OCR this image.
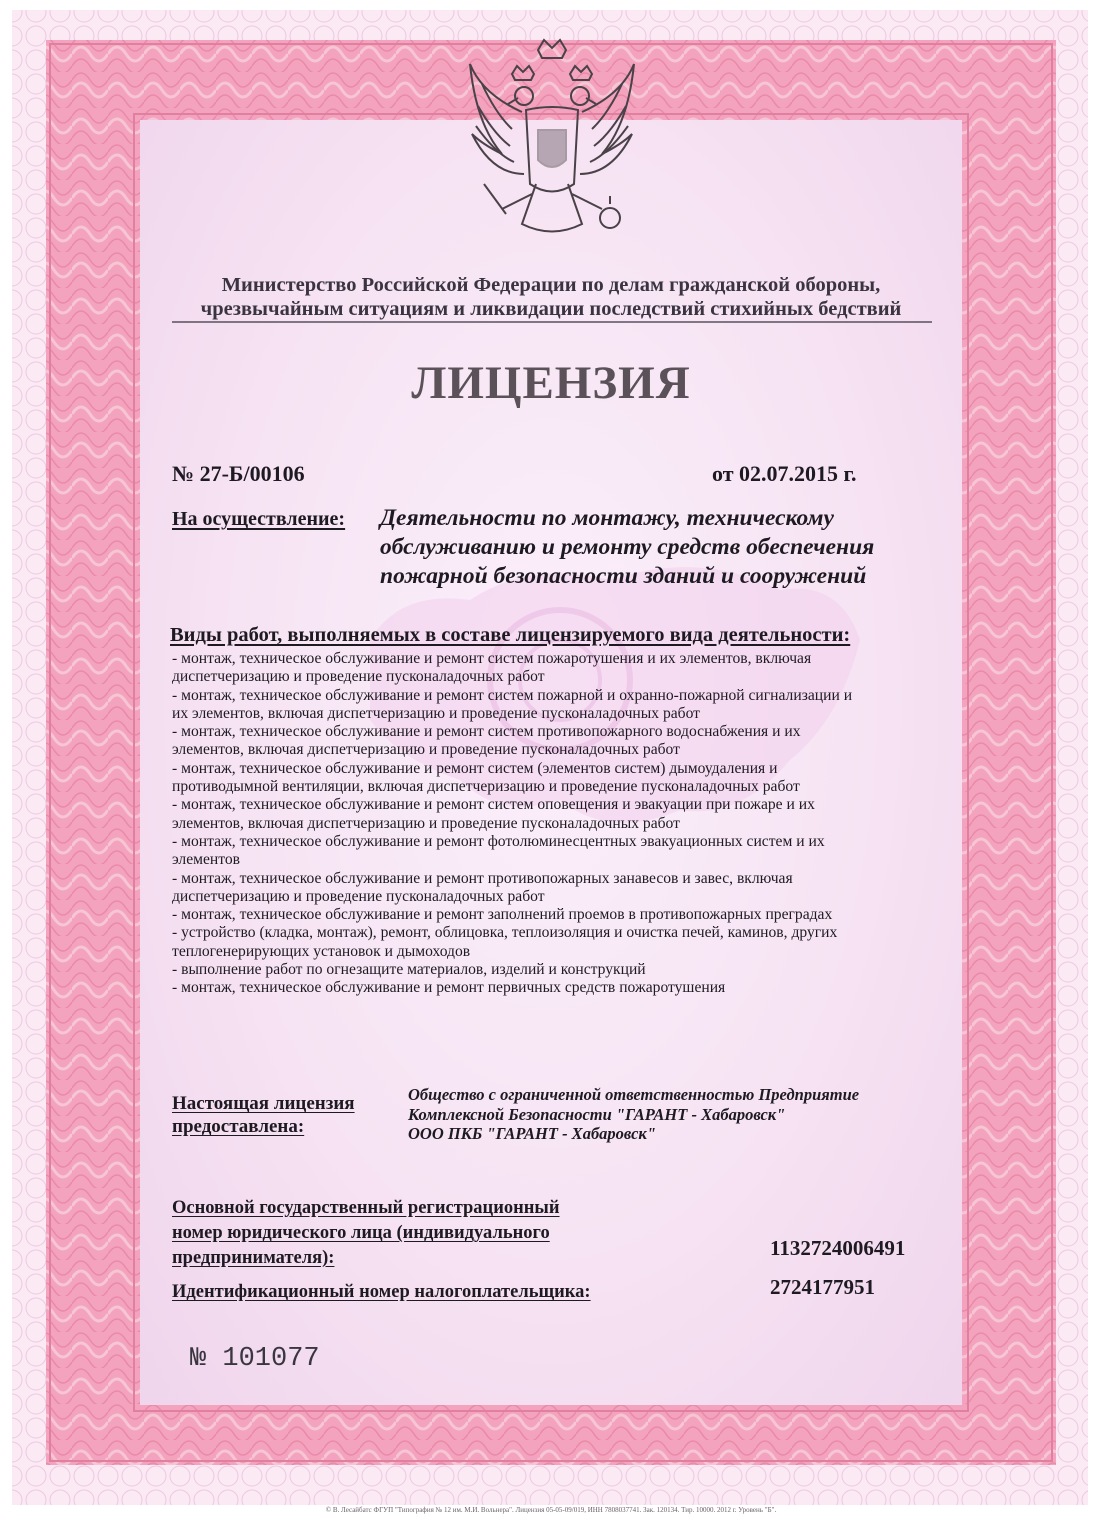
Министерство Российской Федерации по делам гражданской обороны,

чрезвычайным ситуациям и ликвидации последствий стихийных бедствий

ЛИЦЕНЗИЯ

№ 27-Б/00106	от 02.07.2015 г.

На осуществление: Деятельности по монтажу, техническому
обслуживанию и ремонту средств обеспечения
пожарной безопасности зданий и сооружений

Виды работ, выполняемых в составе лицензируемого вида деятельности:

- монтаж, техническое обслуживание и ремонт систем пожаротушения и их элементов, включая
диспетчеризацию и проведение пусконаладочных работ
- монтаж, техническое обслуживание и ремонт систем пожарной и охранно-пожарной сигнализации и
их элементов, включая диспетчеризацию и проведение пусконаладочных работ
- монтаж, техническое обслуживание и ремонт систем противопожарного водоснабжения и их
элементов, включая диспетчеризацию и проведение пусконаладочных работ
- монтаж, техническое обслуживание и ремонт систем (элементов систем) дымоудаления и
противодымной вентиляции, включая диспетчеризацию и проведение пусконаладочных работ
- монтаж, техническое обслуживание и ремонт систем оповещения и эвакуации при пожаре и их
элементов, включая диспетчеризацию и проведение пусконаладочных работ
- монтаж, техническое обслуживание и ремонт фотолюминесцентных эвакуационных систем и их
элементов
- монтаж, техническое обслуживание и ремонт противопожарных занавесов и завес, включая
диспетчеризацию и проведение пусконаладочных работ
- монтаж, техническое обслуживание и ремонт заполнений проемов в противопожарных преградах
- устройство (кладка, монтаж), ремонт, облицовка, теплоизоляция и очистка печей, каминов, других
теплогенерирующих установок и дымоходов
- выполнение работ по огнезащите материалов, изделий и конструкций
- монтаж, техническое обслуживание и ремонт первичных средств пожаротушения
Настоящая лицензия
предоставлена:
Общество с ограниченной ответственностью Предприятие
Комплексной Безопасности "ГАРАНТ - Хабаровск"
ООО ПКБ "ГАРАНТ - Хабаровск"
Основной государственный регистрационный
номер юридического лица (индивидуального
предпринимателя):	1132724006491

Идентификационный номер налогоплательщика:	2724177951

№ 101077

© В. Лесайбатс ФГУП "Типография № 12 им. М.И. Вольнера". Лицензия 05-05-09/019, ИНН 7808037741. Зак. 120134. Тир. 10000. 2012 г. Уровень "Б".
